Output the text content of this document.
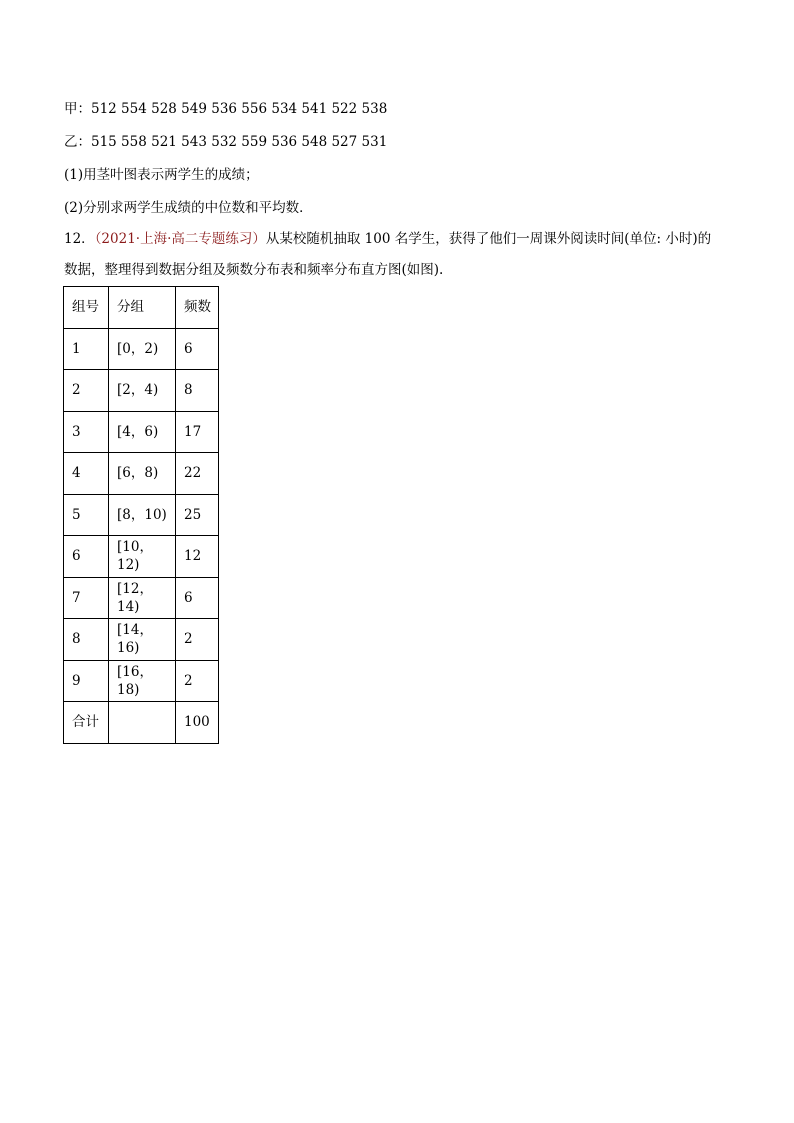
甲：512 554 528 549 536 556 534 541 522 538
乙：515 558 521 543 532 559 536 548 527 531
(1)用茎叶图表示两学生的成绩；
(2)分别求两学生成绩的中位数和平均数．
12．（2021·上海·高二专题练习）从某校随机抽取 100 名学生，获得了他们一周课外阅读时间(单位: 小时)的
数据，整理得到数据分组及频数分布表和频率分布直方图(如图).
组号	分组	频数
1	[0，2)	6
2	[2，4)	8
3	[4，6)	17
4	[6，8)	22
5	[8，10)	25
6	[10，12)	12
7	[12，14)	6
8	[14，16)	2
9	[16，18)	2
合计		100
